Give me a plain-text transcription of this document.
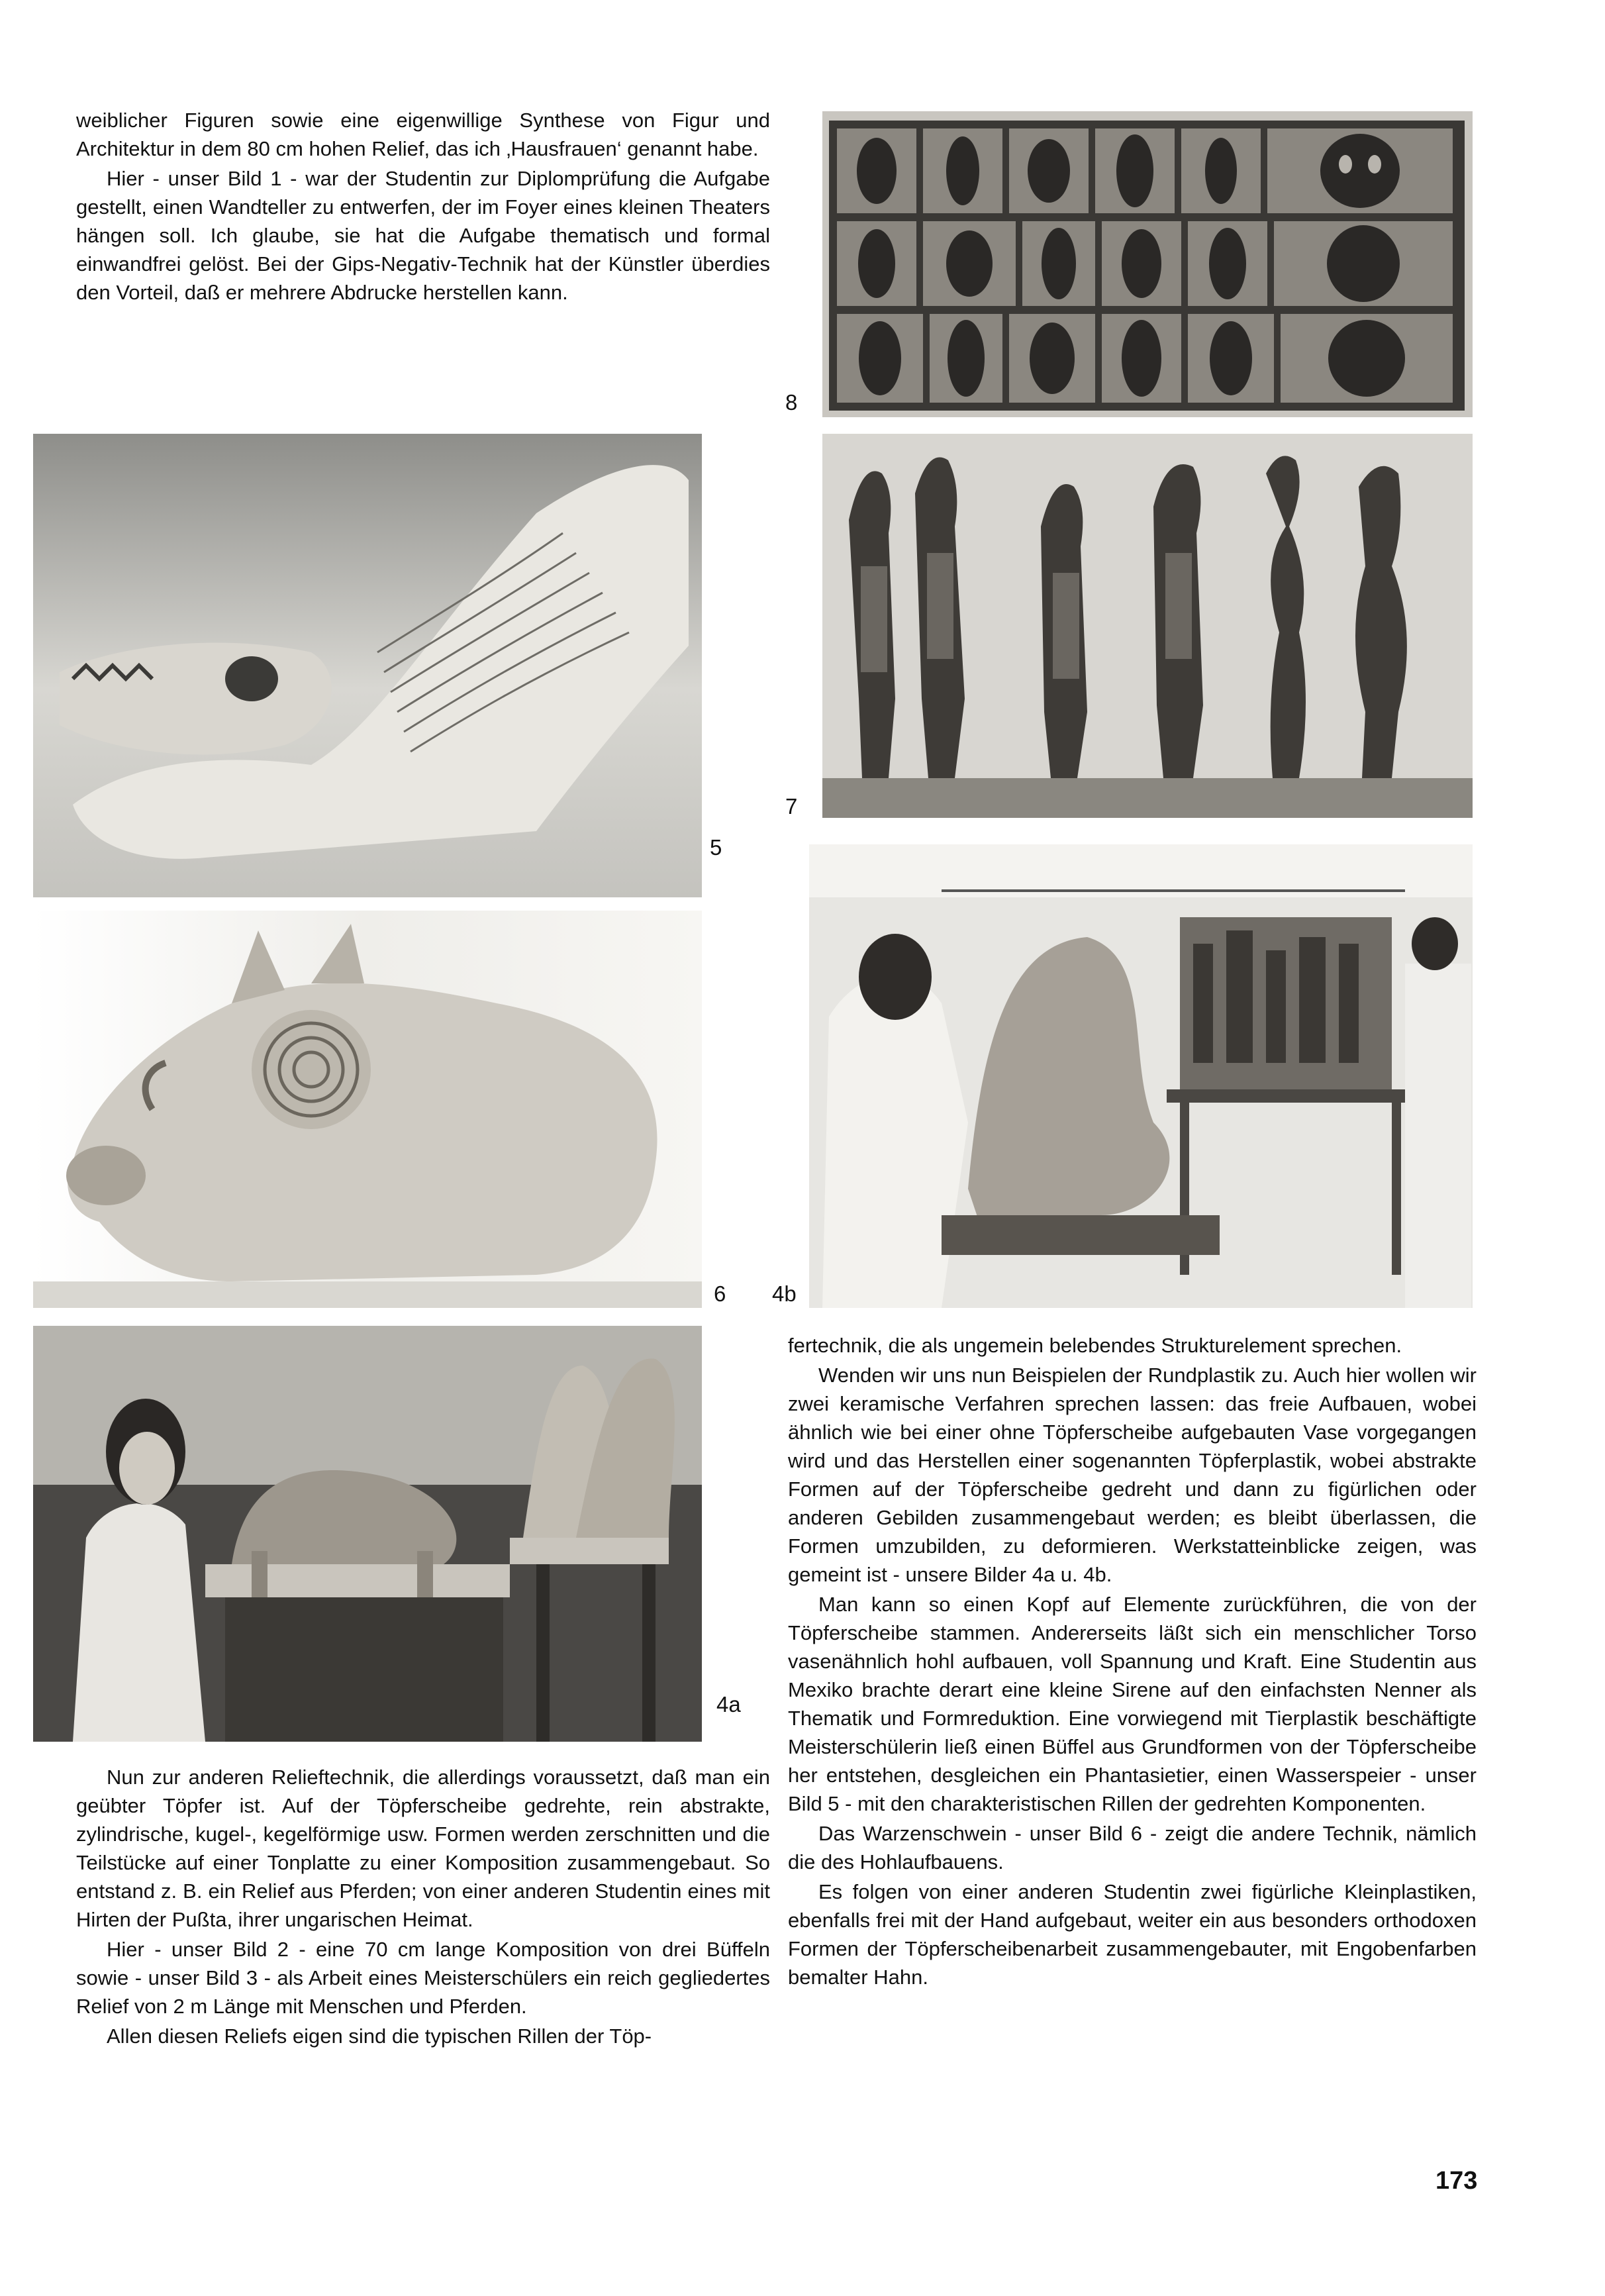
weiblicher Figuren sowie eine eigenwillige Synthese von Figur und Architektur in dem 80 cm hohen Relief, das ich ‚Hausfrauen‘ genannt habe.

Hier - unser Bild 1 - war der Studentin zur Diplomprüfung die Aufgabe gestellt, einen Wandteller zu entwerfen, der im Foyer eines kleinen Theaters hängen soll. Ich glaube, sie hat die Aufgabe thematisch und formal einwandfrei gelöst. Bei der Gips-Negativ-Technik hat der Künstler überdies den Vorteil, daß er mehrere Abdrucke herstellen kann.

8
5
7
6 4b
4a

Nun zur anderen Relieftechnik, die allerdings voraussetzt, daß man ein geübter Töpfer ist. Auf der Töpferscheibe gedrehte, rein abstrakte, zylindrische, kugel-, kegelförmige usw. Formen werden zerschnitten und die Teilstücke auf einer Tonplatte zu einer Komposition zusammengebaut. So entstand z. B. ein Relief aus Pferden; von einer anderen Studentin eines mit Hirten der Pußta, ihrer ungarischen Heimat.

Hier - unser Bild 2 - eine 70 cm lange Komposition von drei Büffeln sowie - unser Bild 3 - als Arbeit eines Meisterschülers ein reich gegliedertes Relief von 2 m Länge mit Menschen und Pferden.

Allen diesen Reliefs eigen sind die typischen Rillen der Töp-

fertechnik, die als ungemein belebendes Strukturelement sprechen.

Wenden wir uns nun Beispielen der Rundplastik zu. Auch hier wollen wir zwei keramische Verfahren sprechen lassen: das freie Aufbauen, wobei ähnlich wie bei einer ohne Töpferscheibe aufgebauten Vase vorgegangen wird und das Herstellen einer sogenannten Töpferplastik, wobei abstrakte Formen auf der Töpferscheibe gedreht und dann zu figürlichen oder anderen Gebilden zusammengebaut werden; es bleibt überlassen, die Formen umzubilden, zu deformieren. Werkstatteinblicke zeigen, was gemeint ist - unsere Bilder 4a u. 4b.

Man kann so einen Kopf auf Elemente zurückführen, die von der Töpferscheibe stammen. Andererseits läßt sich ein menschlicher Torso vasenähnlich hohl aufbauen, voll Spannung und Kraft. Eine Studentin aus Mexiko brachte derart eine kleine Sirene auf den einfachsten Nenner als Thematik und Formreduktion. Eine vorwiegend mit Tierplastik beschäftigte Meisterschülerin ließ einen Büffel aus Grundformen von der Töpferscheibe her entstehen, desgleichen ein Phantasietier, einen Wasserspeier - unser Bild 5 - mit den charakteristischen Rillen der gedrehten Komponenten.

Das Warzenschwein - unser Bild 6 - zeigt die andere Technik, nämlich die des Hohlaufbauens.

Es folgen von einer anderen Studentin zwei figürliche Kleinplastiken, ebenfalls frei mit der Hand aufgebaut, weiter ein aus besonders orthodoxen Formen der Töpferscheibenarbeit zusammengebauter, mit Engobenfarben bemalter Hahn.

173
